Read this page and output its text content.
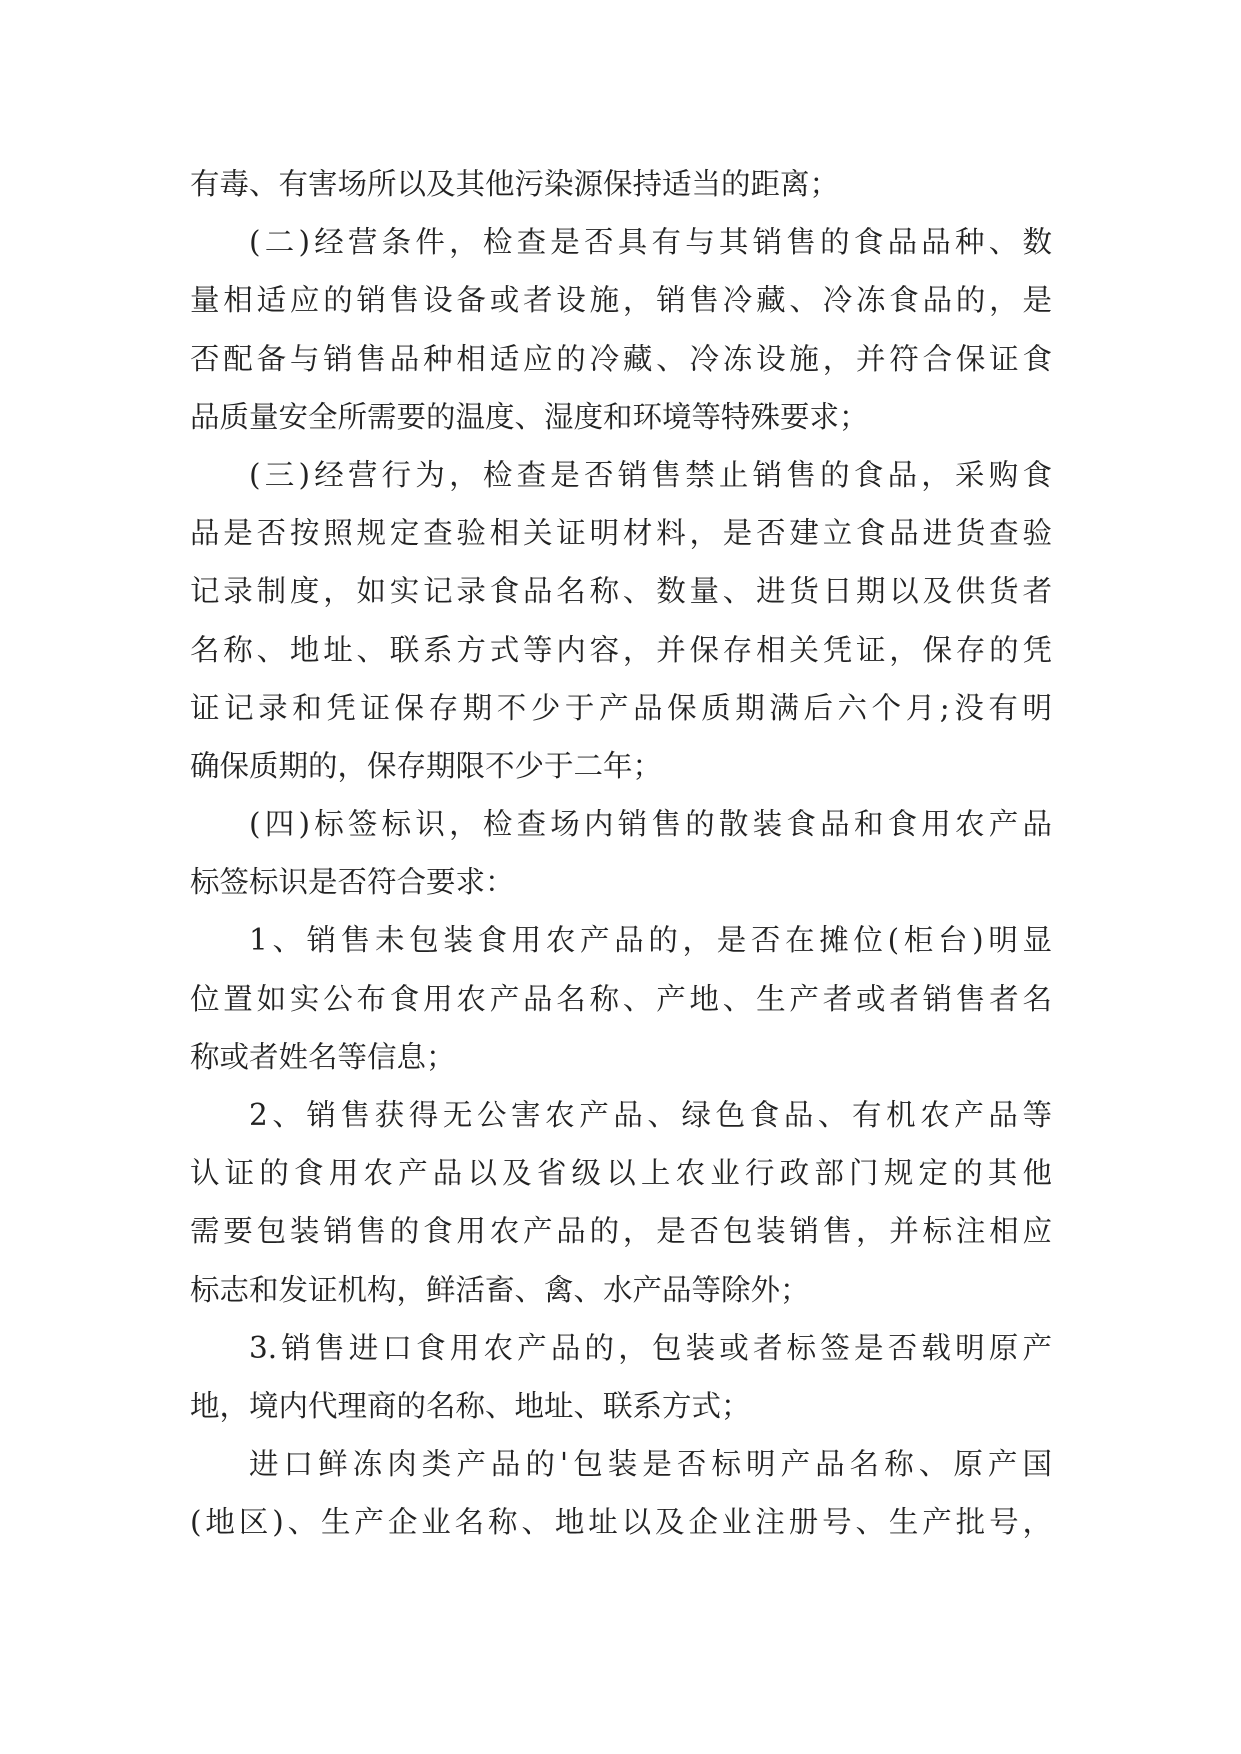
有毒、有害场所以及其他污染源保持适当的距离；
(二)经营条件，检查是否具有与其销售的食品品种、数
量相适应的销售设备或者设施，销售冷藏、冷冻食品的，是
否配备与销售品种相适应的冷藏、冷冻设施，并符合保证食
品质量安全所需要的温度、湿度和环境等特殊要求；
(三)经营行为，检查是否销售禁止销售的食品，采购食
品是否按照规定查验相关证明材料，是否建立食品进货查验
记录制度，如实记录食品名称、数量、进货日期以及供货者
名称、地址、联系方式等内容，并保存相关凭证，保存的凭
证记录和凭证保存期不少于产品保质期满后六个月;没有明
确保质期的，保存期限不少于二年；
(四)标签标识，检查场内销售的散装食品和食用农产品
标签标识是否符合要求：
1、销售未包装食用农产品的，是否在摊位(柜台)明显
位置如实公布食用农产品名称、产地、生产者或者销售者名
称或者姓名等信息；
2、销售获得无公害农产品、绿色食品、有机农产品等
认证的食用农产品以及省级以上农业行政部门规定的其他
需要包装销售的食用农产品的，是否包装销售，并标注相应
标志和发证机构，鲜活畜、禽、水产品等除外；
3.销售进口食用农产品的，包装或者标签是否载明原产
地，境内代理商的名称、地址、联系方式；
进口鲜冻肉类产品的'包装是否标明产品名称、原产国
(地区)、生产企业名称、地址以及企业注册号、生产批号，
